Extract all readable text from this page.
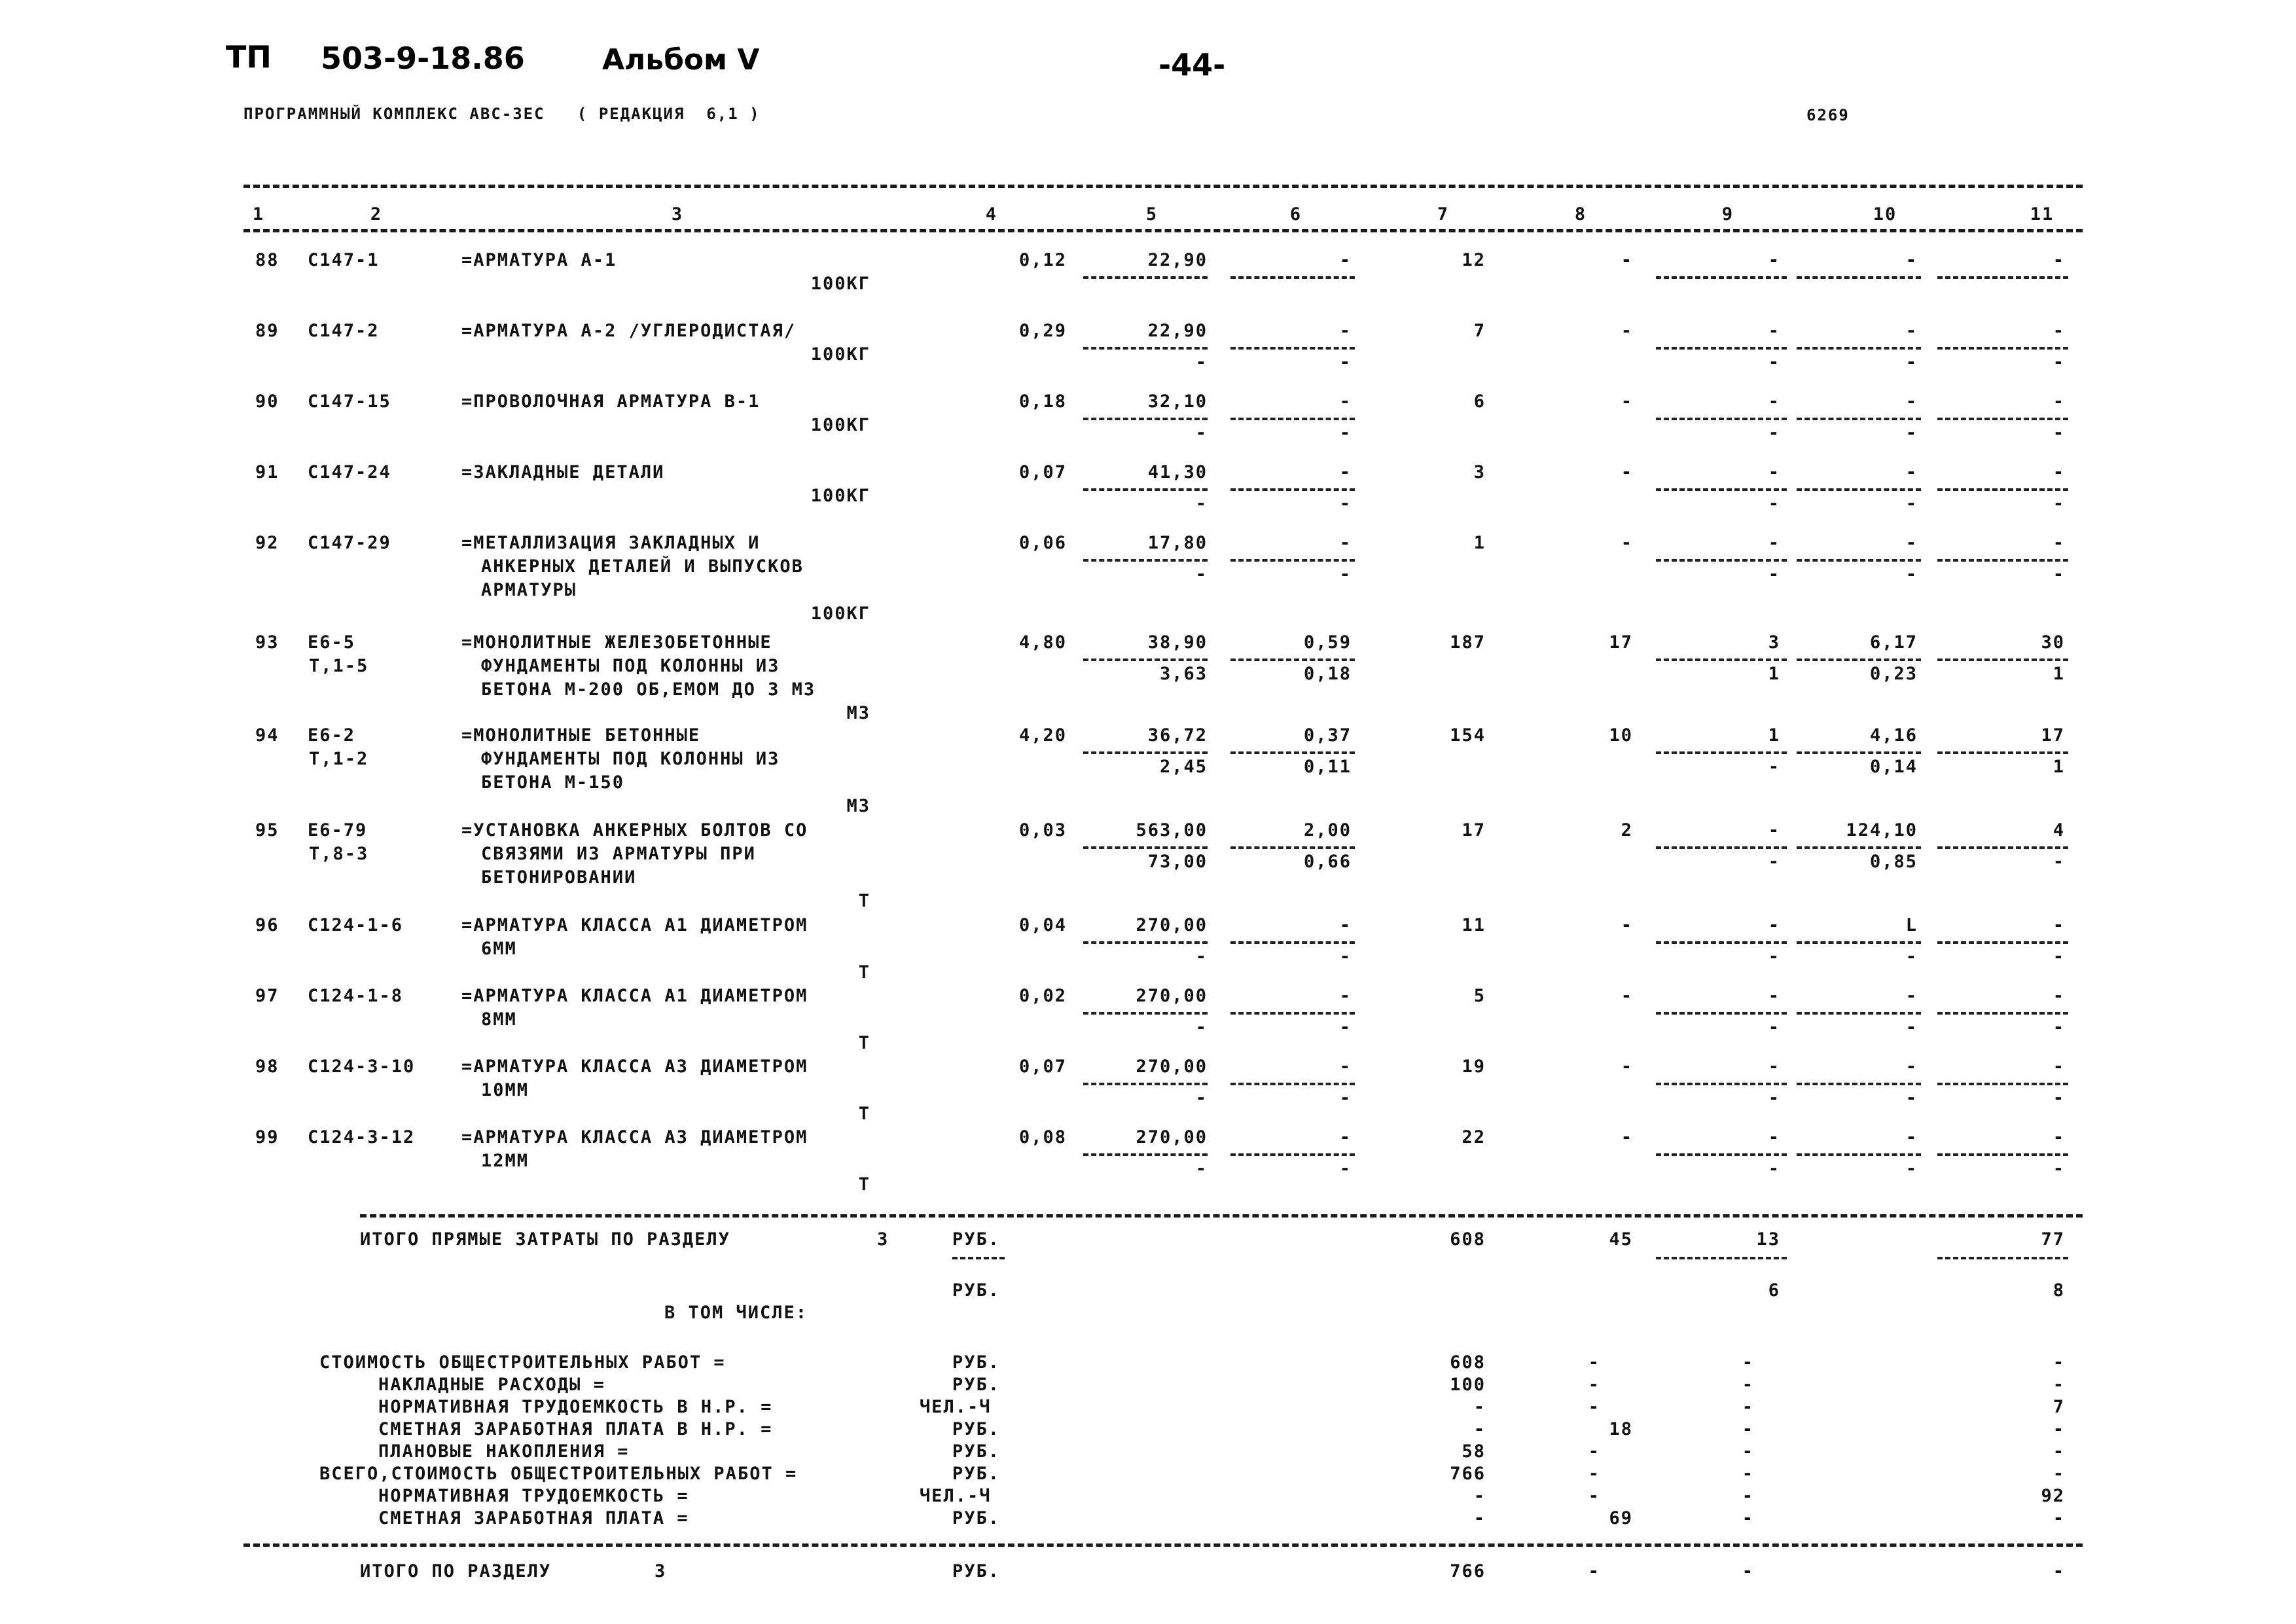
ТП 503-9-18.86	Альбом V	-44-
ПРОГРАММНЫЙ КОМПЛЕКС АВС-3ЕС   ( РЕДАКЦИЯ  6,1 )	6269
1	2	3	4	5	6	7	8	9	10	11
88 С147-1	=АРМАТУРА А-1
100КГ
0,12	22,90	-	12	-	-	-	-
89 С147-2	=АРМАТУРА А-2 /УГЛЕРОДИСТАЯ/
100КГ
0,29	22,90	-	7	-	-	-	-
-	-	-	-	-
90 С147-15	=ПРОВОЛОЧНАЯ АРМАТУРА В-1
100КГ
0,18	32,10	-	6	-	-	-	-
-	-	-	-	-
91 С147-24	=ЗАКЛАДНЫЕ ДЕТАЛИ
100КГ
0,07	41,30	-	3	-	-	-	-
-	-	-	-	-
92 С147-29	=МЕТАЛЛИЗАЦИЯ ЗАКЛАДНЫХ И
АНКЕРНЫХ ДЕТАЛЕЙ И ВЫПУСКОВ
АРМАТУРЫ
100КГ
0,06	17,80	-	1	-	-	-	-
-	-	-	-	-
93 Е6-5
Т,1-5
=МОНОЛИТНЫЕ ЖЕЛЕЗОБЕТОННЫЕ
ФУНДАМЕНТЫ ПОД КОЛОННЫ ИЗ
БЕТОНА М-200 ОБ,ЕМОМ ДО 3 М3
М3
4,80	38,90	0,59	187	17	3	6,17	30
3,63	0,18	1	0,23	1
94 Е6-2
Т,1-2
=МОНОЛИТНЫЕ БЕТОННЫЕ
ФУНДАМЕНТЫ ПОД КОЛОННЫ ИЗ
БЕТОНА М-150
М3
4,20	36,72	0,37	154	10	1	4,16	17
2,45	0,11	-	0,14	1
95 Е6-79
Т,8-3
=УСТАНОВКА АНКЕРНЫХ БОЛТОВ СО
СВЯЗЯМИ ИЗ АРМАТУРЫ ПРИ
БЕТОНИРОВАНИИ
Т
0,03	563,00	2,00	17	2	-	124,10	4
73,00	0,66	-	0,85	-
96 С124-1-6	=АРМАТУРА КЛАССА А1 ДИАМЕТРОМ
6ММ
Т
0,04	270,00	-	11	-	-	L	-
-	-	-	-	-
97 С124-1-8	=АРМАТУРА КЛАССА А1 ДИАМЕТРОМ
8ММ
Т
0,02	270,00	-	5	-	-	-	-
-	-	-	-	-
98 С124-3-10	=АРМАТУРА КЛАССА А3 ДИАМЕТРОМ
10ММ
Т
0,07	270,00	-	19	-	-	-	-
-	-	-	-	-
99 С124-3-12	=АРМАТУРА КЛАССА А3 ДИАМЕТРОМ
12ММ
Т
0,08	270,00	-	22	-	-	-	-
-	-	-	-	-
ИТОГО ПРЯМЫЕ ЗАТРАТЫ ПО РАЗДЕЛУ	3	РУБ.	608	45	13	77
РУБ.	6	8
В ТОМ ЧИСЛЕ:
СТОИМОСТЬ ОБЩЕСТРОИТЕЛЬНЫХ РАБОТ =	РУБ.	608	-	-	-
НАКЛАДНЫЕ РАСХОДЫ =	РУБ.	100	-	-	-
НОРМАТИВНАЯ ТРУДОЕМКОСТЬ В Н.Р. =	ЧЕЛ.-Ч	-	-	-	7
СМЕТНАЯ ЗАРАБОТНАЯ ПЛАТА В Н.Р. =	РУБ.	-	18	-	-
ПЛАНОВЫЕ НАКОПЛЕНИЯ =	РУБ.	58	-	-	-
ВСЕГО,СТОИМОСТЬ ОБЩЕСТРОИТЕЛЬНЫХ РАБОТ =	РУБ.	766	-	-	-
НОРМАТИВНАЯ ТРУДОЕМКОСТЬ =	ЧЕЛ.-Ч	-	-	-	92
СМЕТНАЯ ЗАРАБОТНАЯ ПЛАТА =	РУБ.	-	69	-	-
ИТОГО ПО РАЗДЕЛУ	3	РУБ.	766	-	-	-
